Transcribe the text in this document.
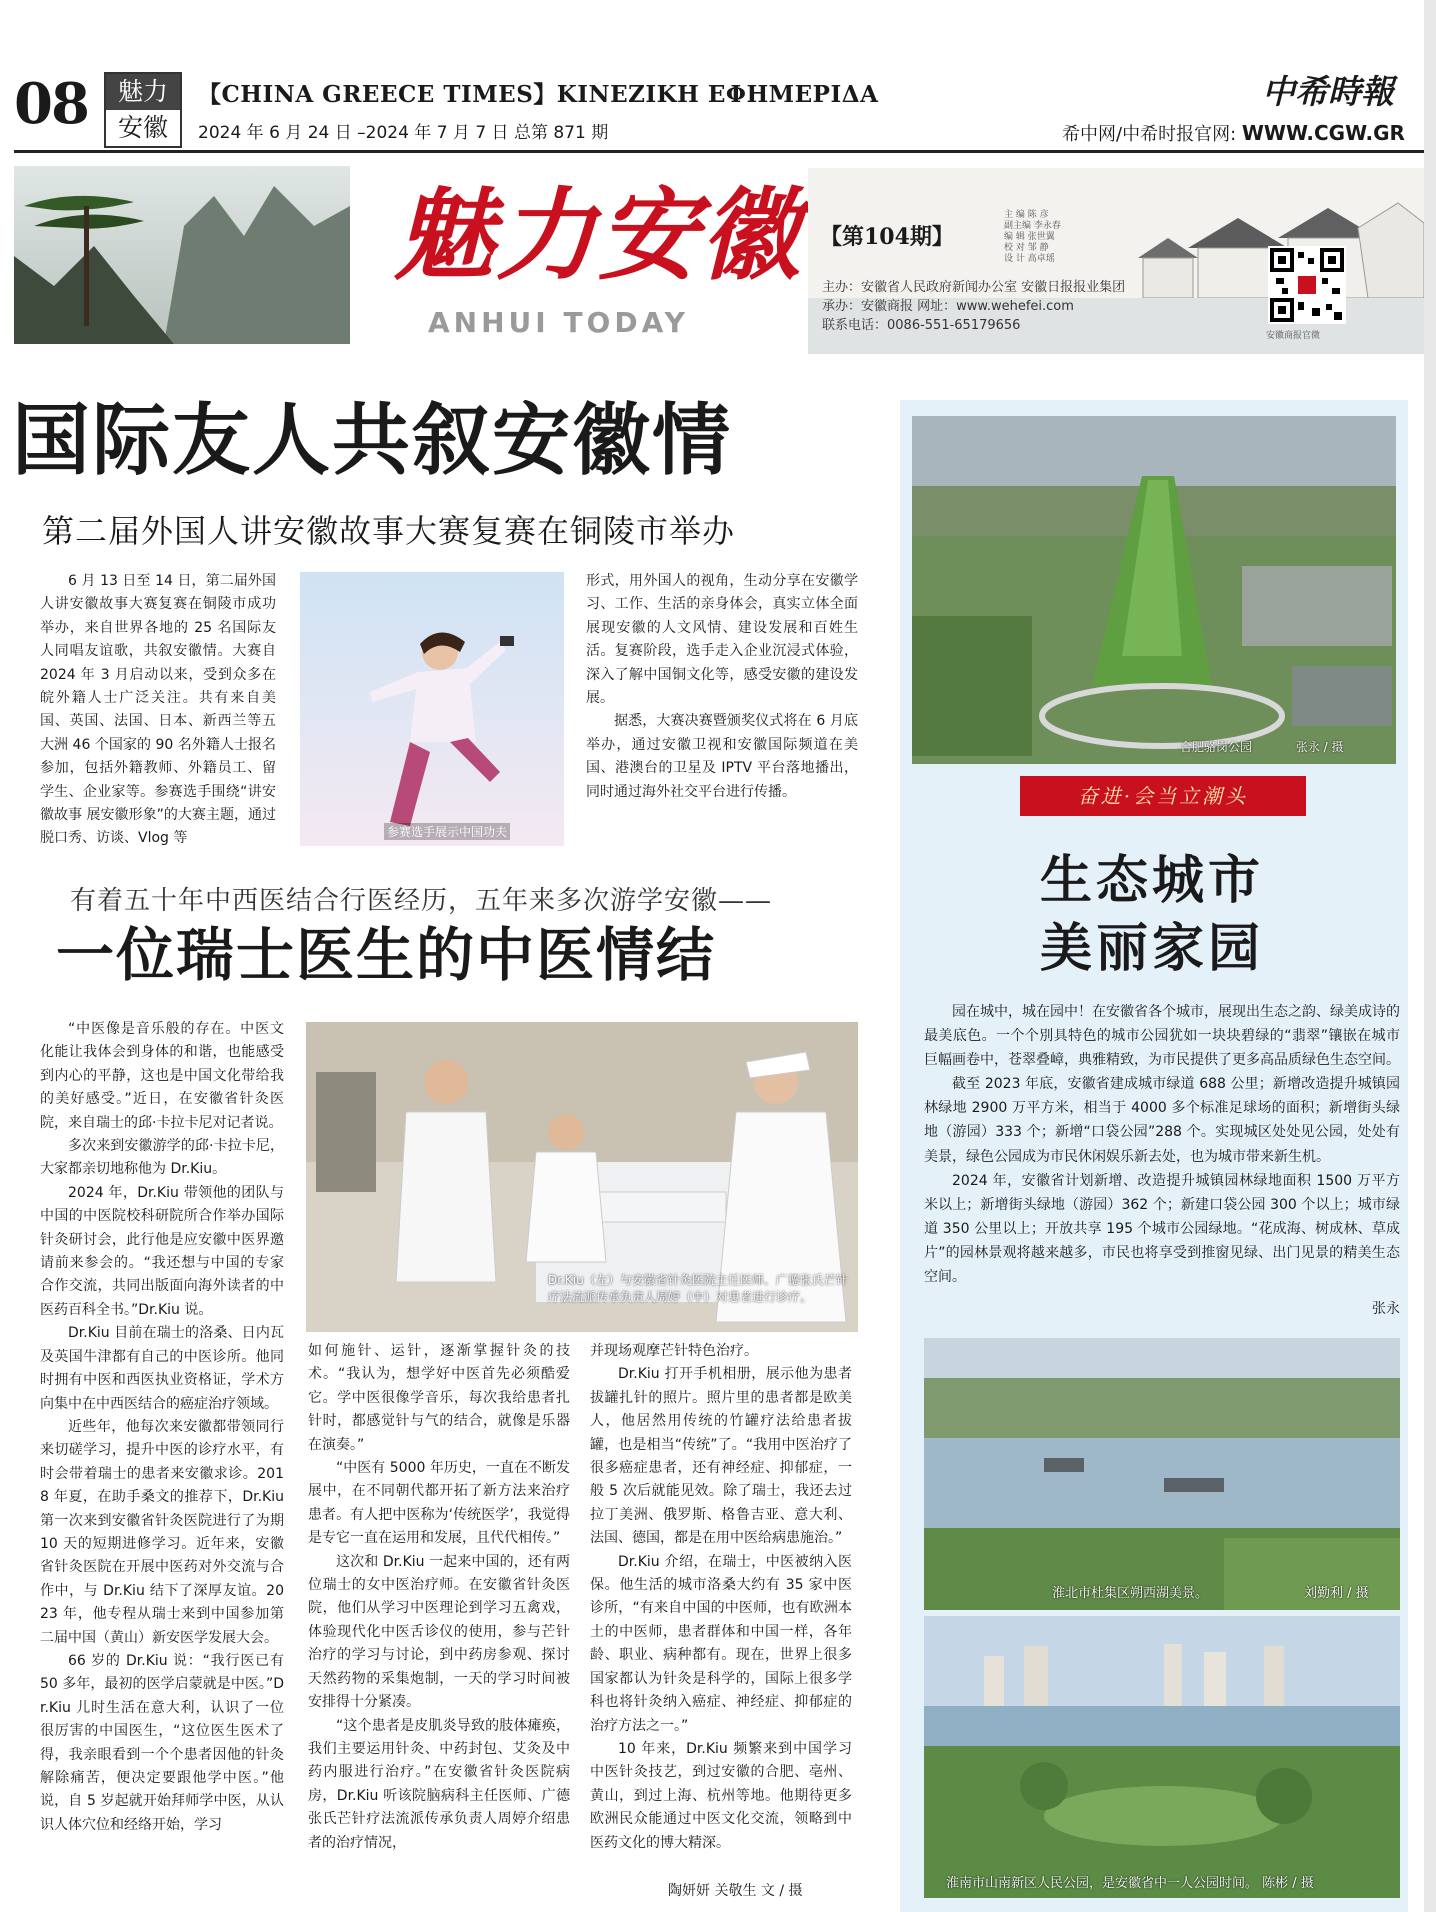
08	魅力
安徽
【CHINA GREECE TIMES】KINEZIKH ΕΦΗΜΕΡΙΔΑ
2024 年 6 月 24 日 –2024 年 7 月 7 日 总第 871 期
中希時報
希中网/中希时报官网: WWW.CGW.GR
魅力安徽
ANHUI TODAY
【第104期】
主 编 陈 彦
副主编 李永春
编 辑 张世翼
校 对 邹 静
设 计 高卓瑶
主办：安徽省人民政府新闻办公室 安徽日报报业集团
承办：安徽商报 网址：www.wehefei.com
联系电话：0086-551-65179656
安徽商报官微
国际友人共叙安徽情
第二届外国人讲安徽故事大赛复赛在铜陵市举办

6 月 13 日至 14 日，第二届外国人讲安徽故事大赛复赛在铜陵市成功举办，来自世界各地的 25 名国际友人同唱友谊歌，共叙安徽情。大赛自 2024 年 3 月启动以来，受到众多在皖外籍人士广泛关注。共有来自美国、英国、法国、日本、新西兰等五大洲 46 个国家的 90 名外籍人士报名参加，包括外籍教师、外籍员工、留学生、企业家等。参赛选手围绕“讲安徽故事 展安徽形象”的大赛主题，通过脱口秀、访谈、Vlog 等	参赛选手展示中国功夫

形式，用外国人的视角，生动分享在安徽学习、工作、生活的亲身体会，真实立体全面展现安徽的人文风情、建设发展和百姓生活。复赛阶段，选手走入企业沉浸式体验，深入了解中国铜文化等，感受安徽的建设发展。

据悉，大赛决赛暨颁奖仪式将在 6 月底举办，通过安徽卫视和安徽国际频道在美国、港澳台的卫星及 IPTV 平台落地播出，同时通过海外社交平台进行传播。

有着五十年中西医结合行医经历，五年来多次游学安徽——
一位瑞士医生的中医情结
Dr.Kiu（左）与安徽省针灸医院主任医师、广德张氏芒针疗法流派传承负责人周婷（中）对患者进行诊疗。

“中医像是音乐般的存在。中医文化能让我体会到身体的和谐，也能感受到内心的平静，这也是中国文化带给我的美好感受。”近日，在安徽省针灸医院，来自瑞士的邱·卡拉卡尼对记者说。

多次来到安徽游学的邱·卡拉卡尼，大家都亲切地称他为 Dr.Kiu。

2024 年，Dr.Kiu 带领他的团队与中国的中医院校科研院所合作举办国际针灸研讨会，此行他是应安徽中医界邀请前来参会的。“我还想与中国的专家合作交流，共同出版面向海外读者的中医药百科全书。”Dr.Kiu 说。

Dr.Kiu 目前在瑞士的洛桑、日内瓦及英国牛津都有自己的中医诊所。他同时拥有中医和西医执业资格证，学术方向集中在中西医结合的癌症治疗领域。

近些年，他每次来安徽都带领同行来切磋学习，提升中医的诊疗水平，有时会带着瑞士的患者来安徽求诊。2018 年夏，在助手桑文的推荐下，Dr.Kiu 第一次来到安徽省针灸医院进行了为期 10 天的短期进修学习。近年来，安徽省针灸医院在开展中医药对外交流与合作中，与 Dr.Kiu 结下了深厚友谊。2023 年，他专程从瑞士来到中国参加第二届中国（黄山）新安医学发展大会。

66 岁的 Dr.Kiu 说：“我行医已有 50 多年，最初的医学启蒙就是中医。”Dr.Kiu 儿时生活在意大利，认识了一位很厉害的中国医生，“这位医生医术了得，我亲眼看到一个个患者因他的针灸解除痛苦，便决定要跟他学中医。”他说，自 5 岁起就开始拜师学中医，从认识人体穴位和经络开始，学习

如何施针、运针，逐渐掌握针灸的技术。“我认为，想学好中医首先必须酷爱它。学中医很像学音乐，每次我给患者扎针时，都感觉针与气的结合，就像是乐器在演奏。”

“中医有 5000 年历史，一直在不断发展中，在不同朝代都开拓了新方法来治疗患者。有人把中医称为‘传统医学’，我觉得是专它一直在运用和发展，且代代相传。”

这次和 Dr.Kiu 一起来中国的，还有两位瑞士的女中医治疗师。在安徽省针灸医院，他们从学习中医理论到学习五禽戏，体验现代化中医舌诊仪的使用，参与芒针治疗的学习与讨论，到中药房参观、探讨天然药物的采集炮制，一天的学习时间被安排得十分紧凑。

“这个患者是皮肌炎导致的肢体瘫痪，我们主要运用针灸、中药封包、艾灸及中药内服进行治疗。”在安徽省针灸医院病房，Dr.Kiu 听该院脑病科主任医师、广德张氏芒针疗法流派传承负责人周婷介绍患者的治疗情况，

并现场观摩芒针特色治疗。

Dr.Kiu 打开手机相册，展示他为患者拔罐扎针的照片。照片里的患者都是欧美人，他居然用传统的竹罐疗法给患者拔罐，也是相当“传统”了。“我用中医治疗了很多癌症患者，还有神经症、抑郁症，一般 5 次后就能见效。除了瑞士，我还去过拉丁美洲、俄罗斯、格鲁吉亚、意大利、法国、德国，都是在用中医给病患施治。”

Dr.Kiu 介绍，在瑞士，中医被纳入医保。他生活的城市洛桑大约有 35 家中医诊所，“有来自中国的中医师，也有欧洲本土的中医师，患者群体和中国一样，各年龄、职业、病种都有。现在，世界上很多国家都认为针灸是科学的，国际上很多学科也将针灸纳入癌症、神经症、抑郁症的治疗方法之一。”

10 年来，Dr.Kiu 频繁来到中国学习中医针灸技艺，到过安徽的合肥、亳州、黄山，到过上海、杭州等地。他期待更多欧洲民众能通过中医文化交流，领略到中医药文化的博大精深。

陶妍妍 关敬生 文 / 摄
合肥骆岗公园	张永 / 摄
奋进·会当立潮头
生态城市
美丽家园

园在城中，城在园中！在安徽省各个城市，展现出生态之韵、绿美成诗的最美底色。一个个別具特色的城市公园犹如一块块碧绿的“翡翠”镶嵌在城市巨幅画卷中，苍翠叠嶂，典雅精致，为市民提供了更多高品质绿色生态空间。

截至 2023 年底，安徽省建成城市绿道 688 公里；新增改造提升城镇园林绿地 2900 万平方米，相当于 4000 多个标准足球场的面积；新增街头绿地（游园）333 个；新增“口袋公园”288 个。实现城区处处见公园，处处有美景，绿色公园成为市民休闲娱乐新去处，也为城市带来新生机。

2024 年，安徽省计划新增、改造提升城镇园林绿地面积 1500 万平方米以上；新增街头绿地（游园）362 个；新建口袋公园 300 个以上；城市绿道 350 公里以上；开放共享 195 个城市公园绿地。“花成海、树成林、草成片”的园林景观将越来越多，市民也将享受到推窗见绿、出门见景的精美生态空间。

张永
淮北市杜集区朔西湖美景。	刘勤利 / 摄
淮南市山南新区人民公园，是安徽省中一人公园时间。 陈彬 / 摄
